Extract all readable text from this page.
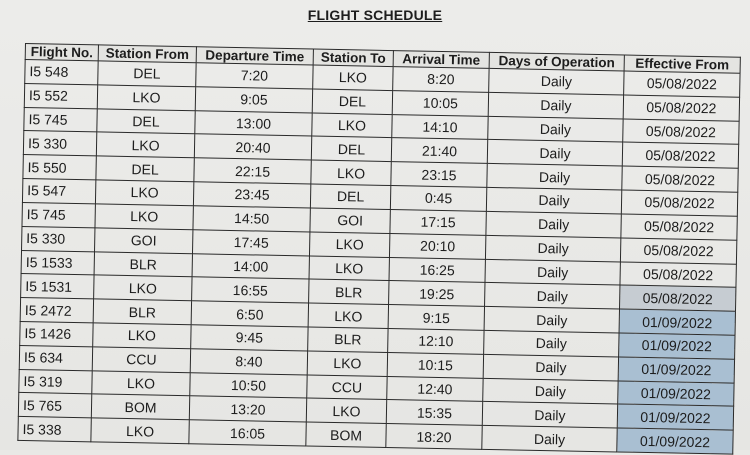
FLIGHT SCHEDULE
Flight No.	Station From	Departure Time	Station To	Arrival Time	Days of Operation	Effective From
I5 548	DEL	7:20	LKO	8:20	Daily	05/08/2022
I5 552	LKO	9:05	DEL	10:05	Daily	05/08/2022
I5 745	DEL	13:00	LKO	14:10	Daily	05/08/2022
I5 330	LKO	20:40	DEL	21:40	Daily	05/08/2022
I5 550	DEL	22:15	LKO	23:15	Daily	05/08/2022
I5 547	LKO	23:45	DEL	0:45	Daily	05/08/2022
I5 745	LKO	14:50	GOI	17:15	Daily	05/08/2022
I5 330	GOI	17:45	LKO	20:10	Daily	05/08/2022
I5 1533	BLR	14:00	LKO	16:25	Daily	05/08/2022
I5 1531	LKO	16:55	BLR	19:25	Daily	05/08/2022
I5 2472	BLR	6:50	LKO	9:15	Daily	01/09/2022
I5 1426	LKO	9:45	BLR	12:10	Daily	01/09/2022
I5 634	CCU	8:40	LKO	10:15	Daily	01/09/2022
I5 319	LKO	10:50	CCU	12:40	Daily	01/09/2022
I5 765	BOM	13:20	LKO	15:35	Daily	01/09/2022
I5 338	LKO	16:05	BOM	18:20	Daily	01/09/2022
